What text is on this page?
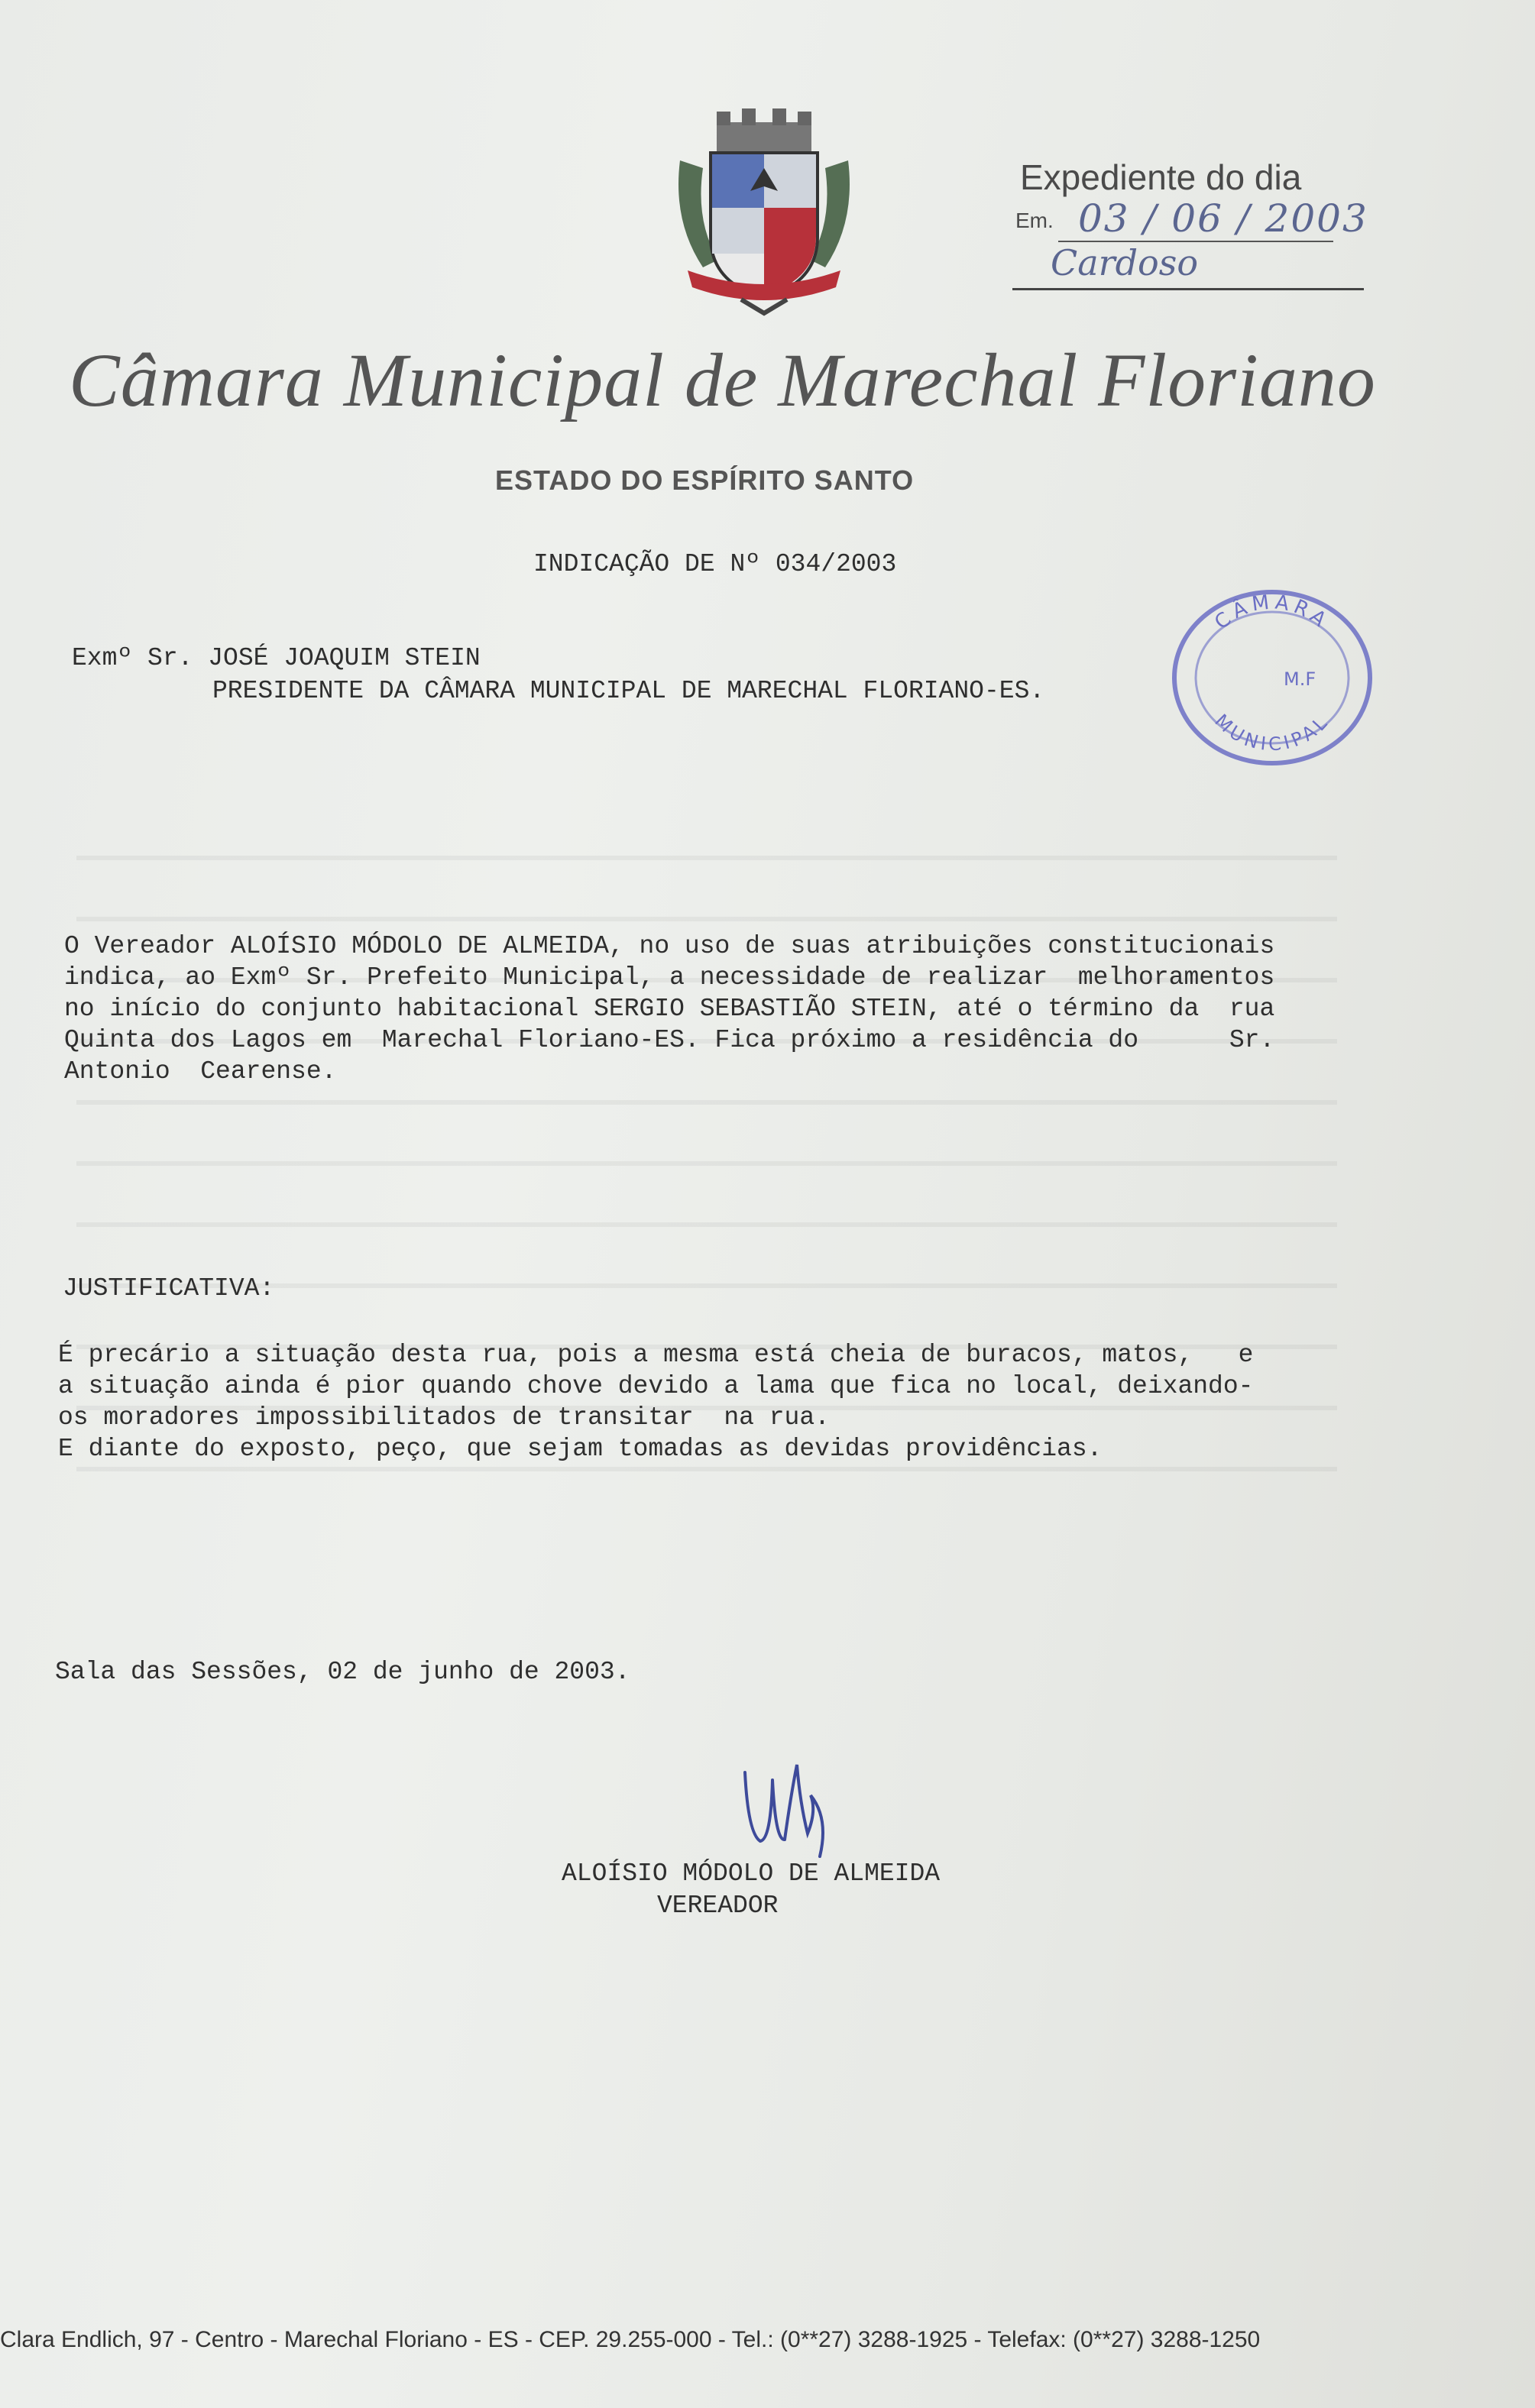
Expediente do dia
Em. 03 / 06 / 2003
Cardoso
Câmara Municipal de Marechal Floriano
ESTADO DO ESPÍRITO SANTO
INDICAÇÃO DE Nº 034/2003
Exmº Sr. JOSÉ JOAQUIM STEIN
PRESIDENTE DA CÂMARA MUNICIPAL DE MARECHAL FLORIANO-ES.
CÂMARA
MUNICIPAL
M.F
O Vereador ALOÍSIO MÓDOLO DE ALMEIDA, no uso de suas atribuições constitucionais
indica, ao Exmº Sr. Prefeito Municipal, a necessidade de realizar  melhoramentos
no início do conjunto habitacional SERGIO SEBASTIÃO STEIN, até o término da  rua
Quinta dos Lagos em  Marechal Floriano-ES. Fica próximo a residência do      Sr.
Antonio  Cearense.
JUSTIFICATIVA:
É precário a situação desta rua, pois a mesma está cheia de buracos, matos,   e
a situação ainda é pior quando chove devido a lama que fica no local, deixando-
os moradores impossibilitados de transitar  na rua.
E diante do exposto, peço, que sejam tomadas as devidas providências.
Sala das Sessões, 02 de junho de 2003.
ALOÍSIO MÓDOLO DE ALMEIDA
VEREADOR
Clara Endlich, 97 - Centro - Marechal Floriano - ES - CEP. 29.255-000 - Tel.: (0**27) 3288-1925 - Telefax: (0**27) 3288-1250
